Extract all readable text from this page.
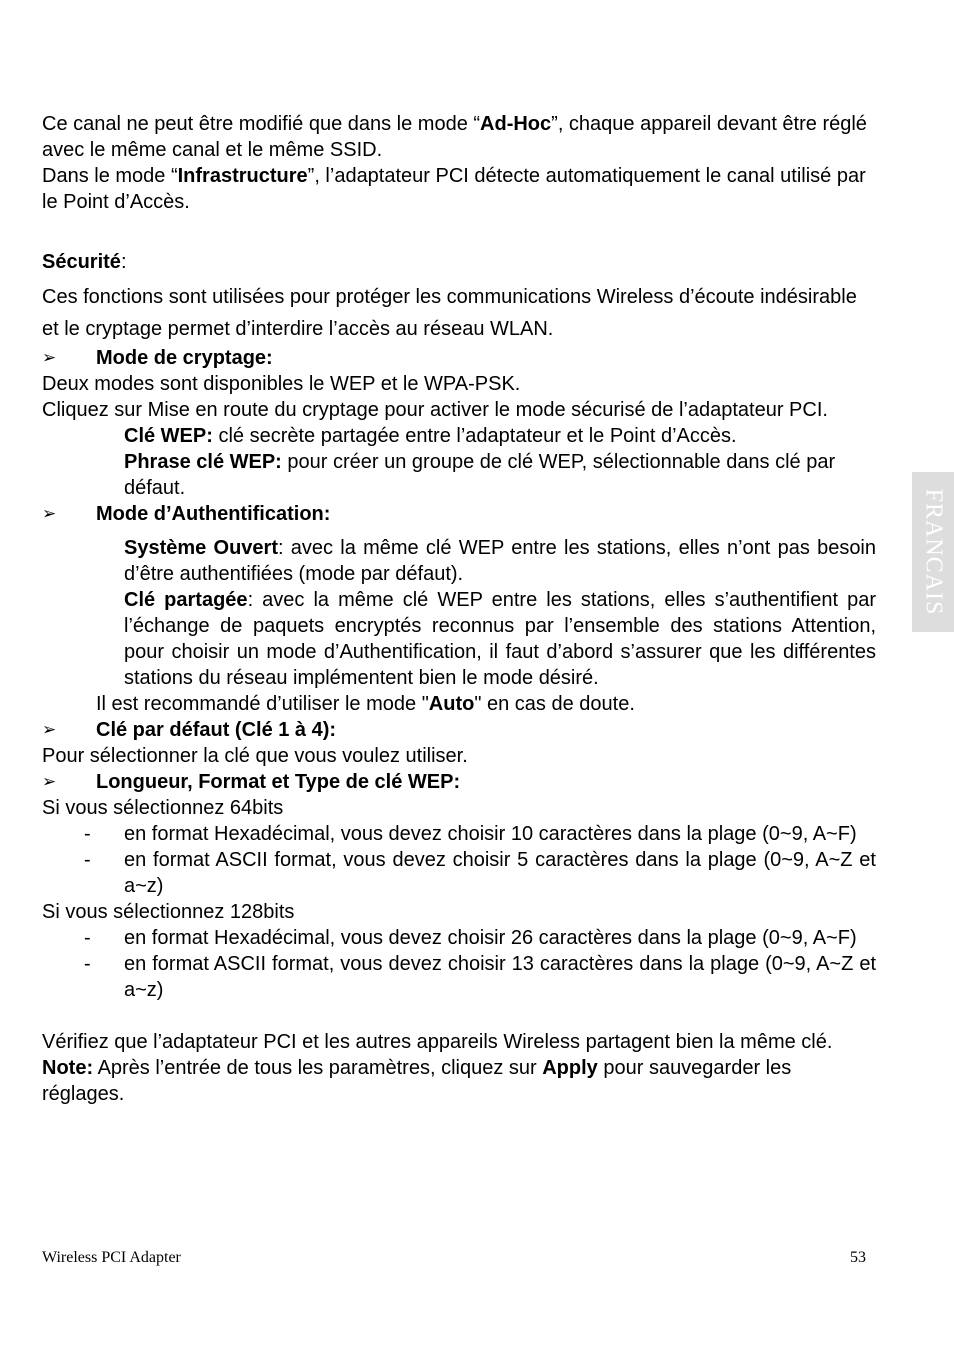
Ce canal ne peut être modifié que dans le mode “Ad-Hoc”, chaque appareil devant être réglé avec le même canal et le même SSID.

Dans le mode “Infrastructure”, l’adaptateur PCI détecte automatiquement le canal utilisé par le Point d’Accès.

Sécurité:

Ces fonctions sont utilisées pour protéger les communications Wireless d’écoute indésirable et le cryptage permet d’interdire l’accès au réseau WLAN.

➢ Mode de cryptage:

Deux modes sont disponibles le WEP et le WPA-PSK.

Cliquez sur Mise en route du cryptage pour activer le mode sécurisé de l’adaptateur PCI.

Clé WEP: clé secrète partagée entre l’adaptateur et le Point d’Accès.

Phrase clé WEP: pour créer un groupe de clé WEP, sélectionnable dans clé par défaut.

➢ Mode d’Authentification:

Système Ouvert: avec la même clé WEP entre les stations, elles n’ont pas besoin d’être authentifiées (mode par défaut).

Clé partagée: avec la même clé WEP entre les stations, elles s’authentifient par l’échange de paquets encryptés reconnus par l’ensemble des stations Attention, pour choisir un mode d’Authentification, il faut d’abord s’assurer que les différentes stations du réseau implémentent bien le mode désiré.

Il est recommandé d’utiliser le mode "Auto" en cas de doute.

➢ Clé par défaut (Clé 1 à 4):

Pour sélectionner la clé que vous voulez utiliser.

➢ Longueur, Format et Type de clé WEP:

Si vous sélectionnez 64bits

- en format Hexadécimal, vous devez choisir 10 caractères dans la plage (0~9, A~F)

- en format ASCII format, vous devez choisir 5 caractères dans la plage (0~9, A~Z et a~z)

Si vous sélectionnez 128bits

- en format Hexadécimal, vous devez choisir 26 caractères dans la plage (0~9, A~F)

- en format ASCII format, vous devez choisir 13 caractères dans la plage (0~9, A~Z et a~z)

Vérifiez que l’adaptateur PCI et les autres appareils Wireless partagent bien la même clé.

Note: Après l’entrée de tous les paramètres, cliquez sur Apply pour sauvegarder les réglages.

FRANCAIS
Wireless PCI Adapter	53
